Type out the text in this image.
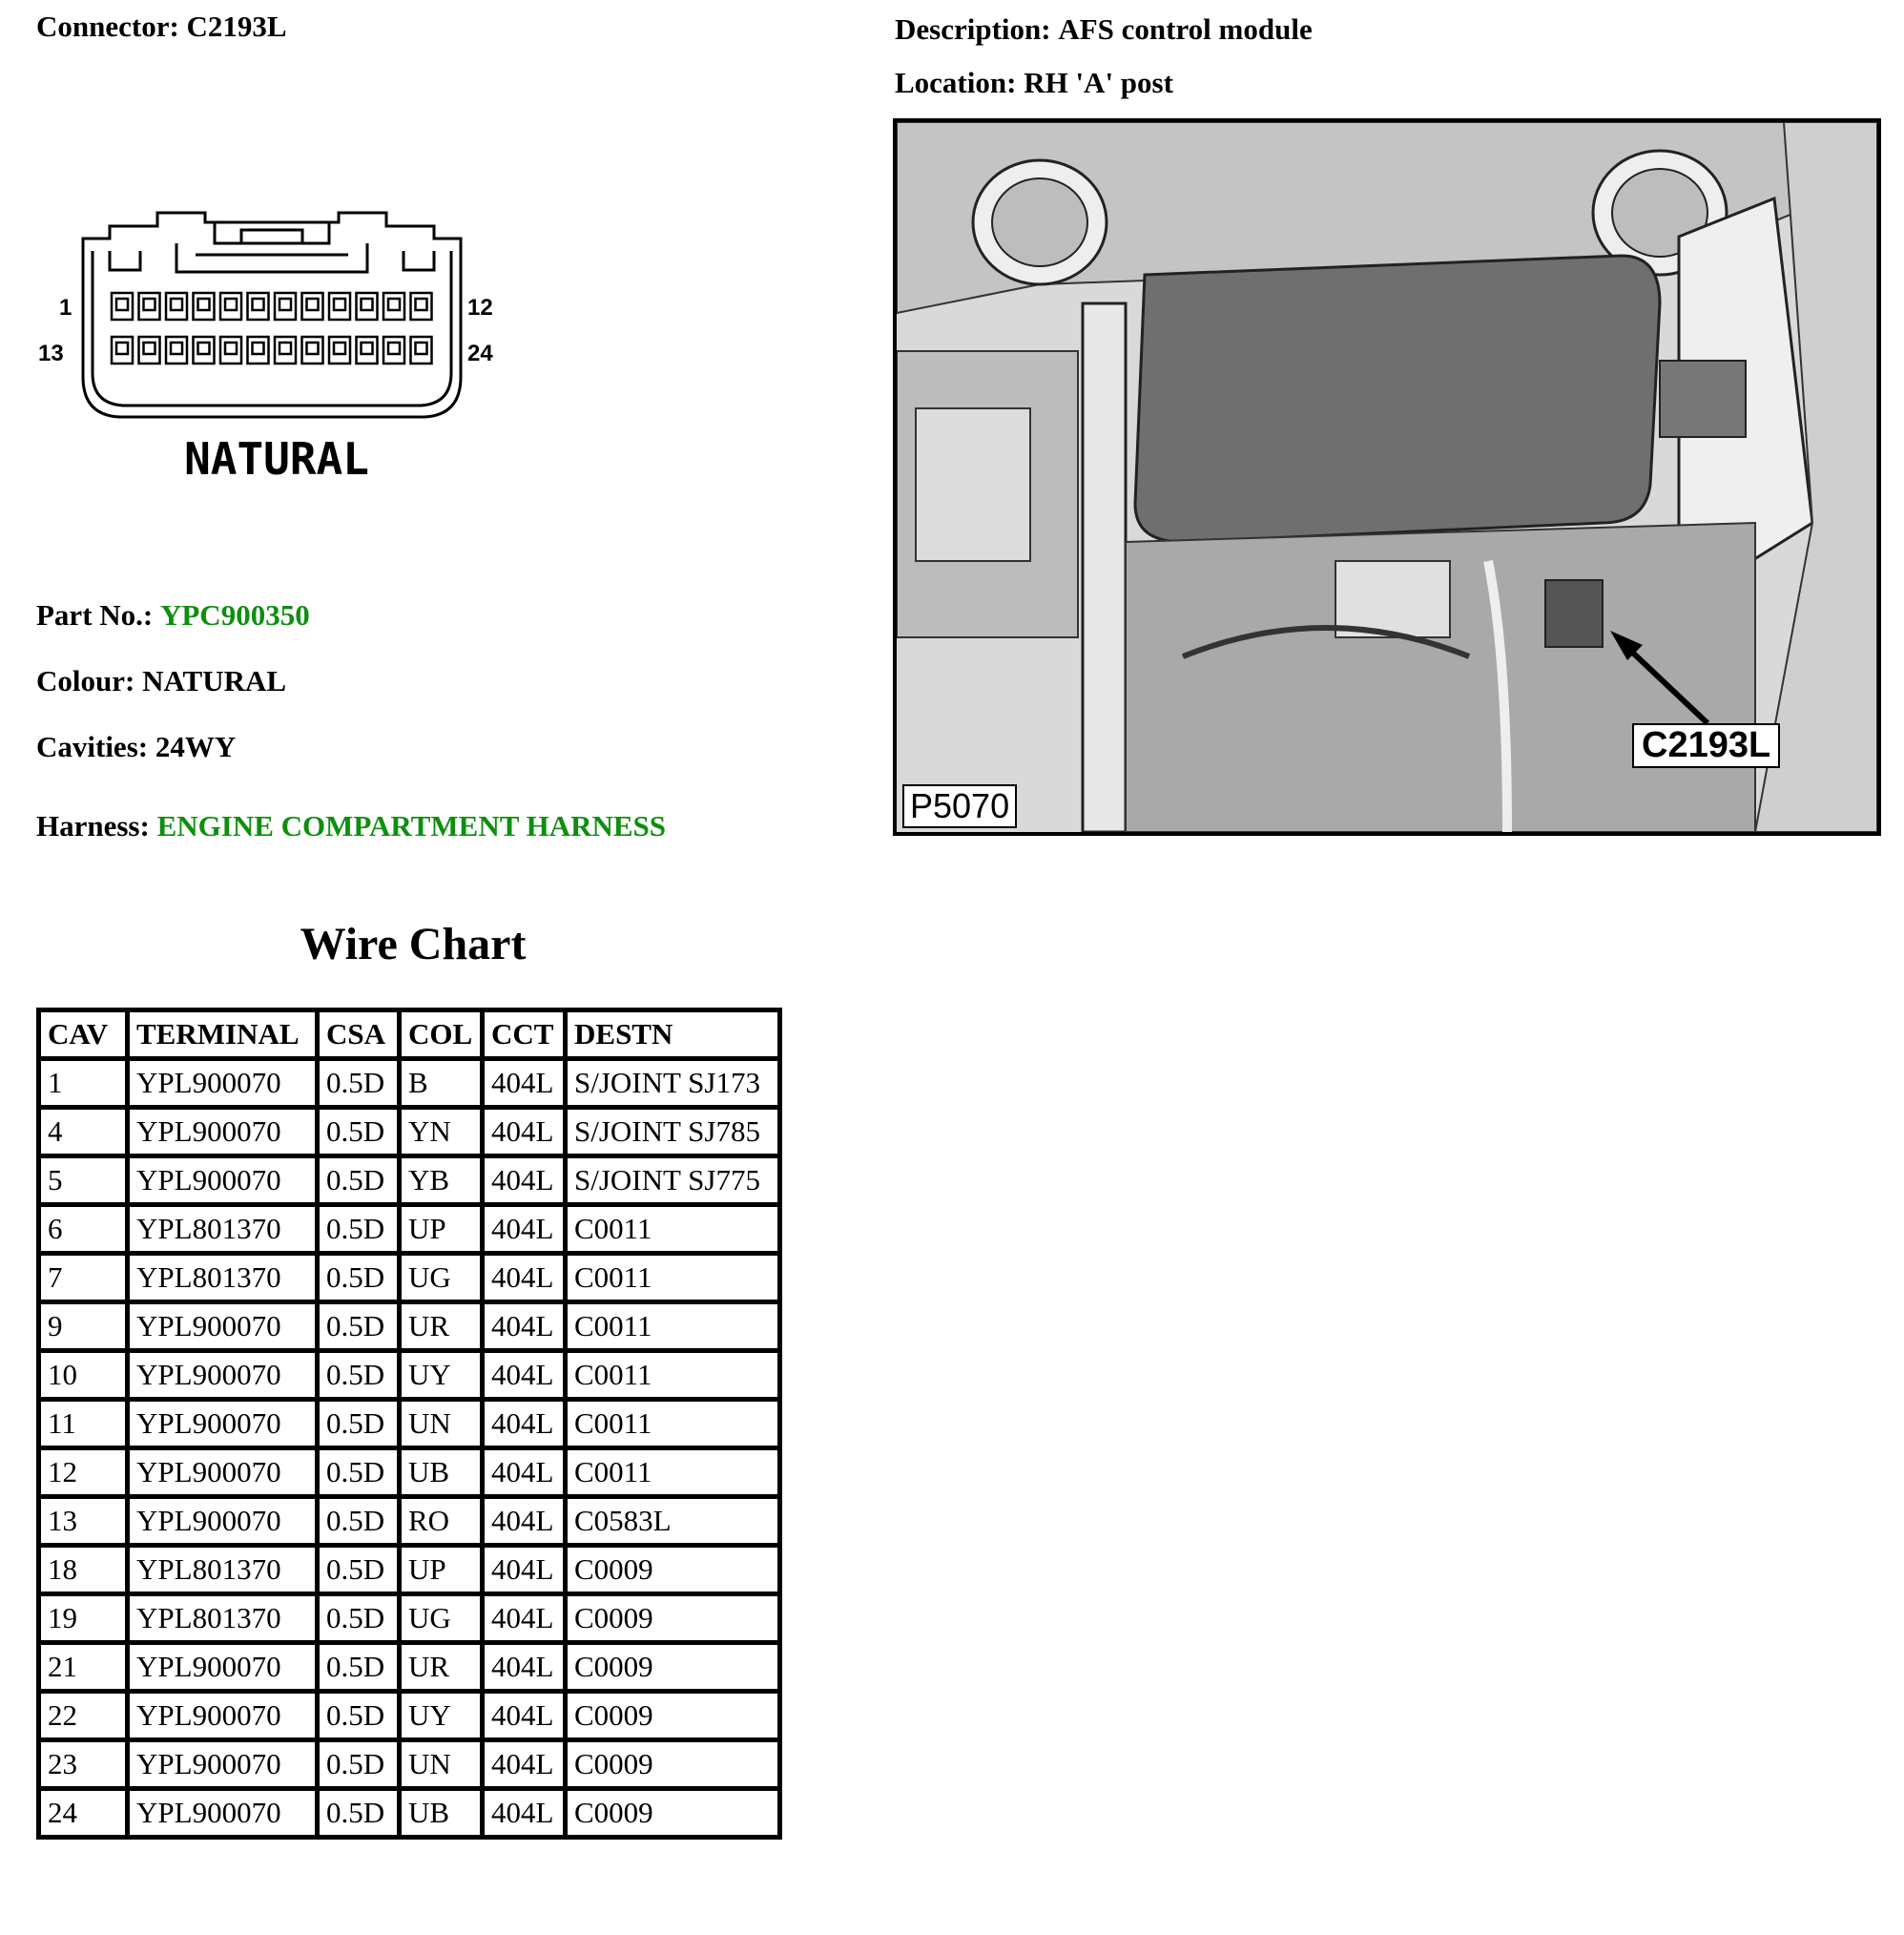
Connector: C2193L	Description: AFS control module
Location: RH 'A' post
1	12
13	24
NATURAL
Part No.: YPC900350
Colour: NATURAL
Cavities: 24WY
Harness: ENGINE COMPARTMENT HARNESS
P5070
C2193L
Wire Chart
CAV	TERMINAL	CSA	COL	CCT	DESTN
1	YPL900070	0.5D	B	404L	S/JOINT SJ173
4	YPL900070	0.5D	YN	404L	S/JOINT SJ785
5	YPL900070	0.5D	YB	404L	S/JOINT SJ775
6	YPL801370	0.5D	UP	404L	C0011
7	YPL801370	0.5D	UG	404L	C0011
9	YPL900070	0.5D	UR	404L	C0011
10	YPL900070	0.5D	UY	404L	C0011
11	YPL900070	0.5D	UN	404L	C0011
12	YPL900070	0.5D	UB	404L	C0011
13	YPL900070	0.5D	RO	404L	C0583L
18	YPL801370	0.5D	UP	404L	C0009
19	YPL801370	0.5D	UG	404L	C0009
21	YPL900070	0.5D	UR	404L	C0009
22	YPL900070	0.5D	UY	404L	C0009
23	YPL900070	0.5D	UN	404L	C0009
24	YPL900070	0.5D	UB	404L	C0009
